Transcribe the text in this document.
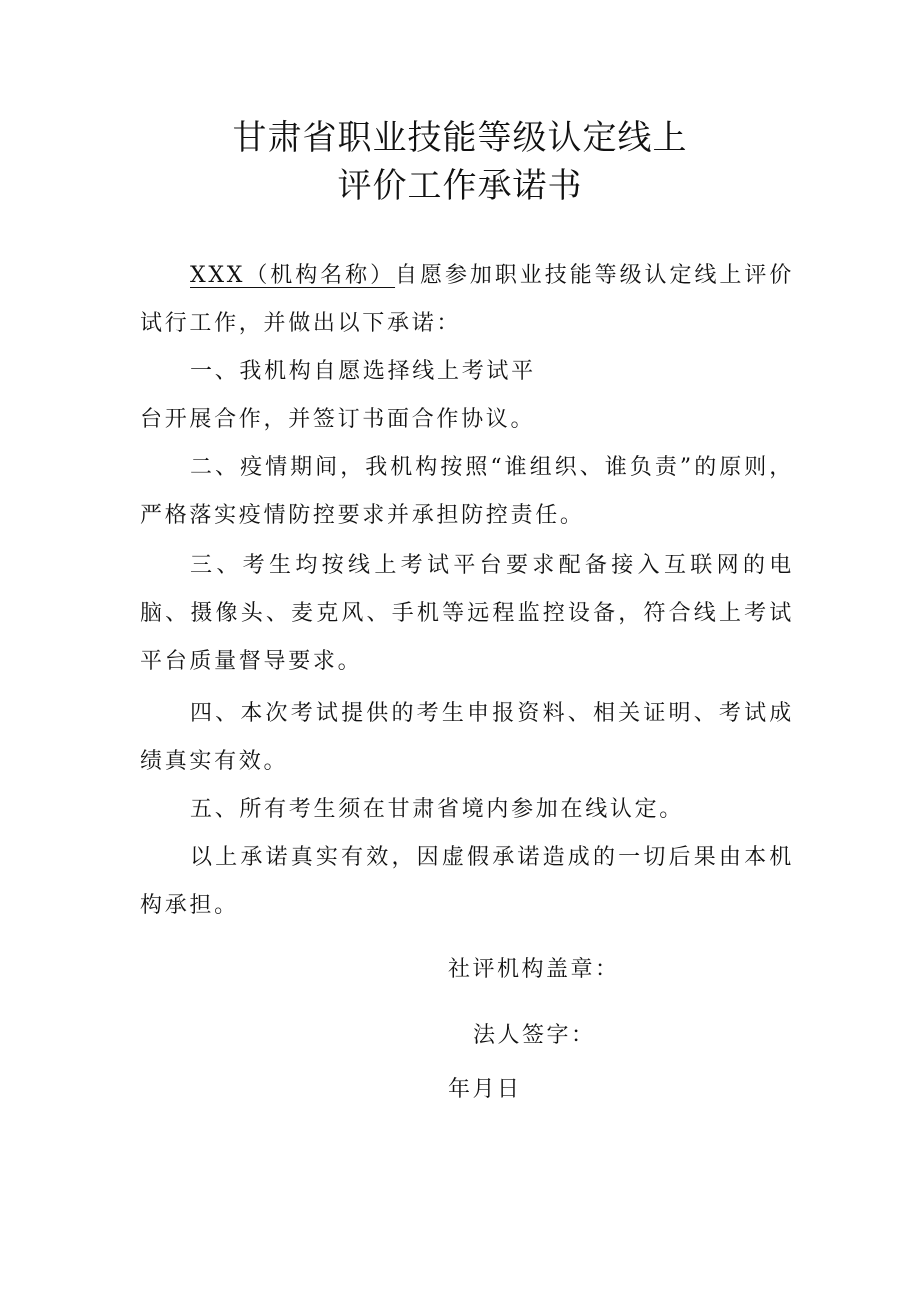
甘肃省职业技能等级认定线上
评价工作承诺书

XXX（机构名称）自愿参加职业技能等级认定线上评价试行工作，并做出以下承诺：

一、我机构自愿选择线上考试平

台开展合作，并签订书面合作协议。

二、疫情期间，我机构按照“谁组织、谁负责”的原则，严格落实疫情防控要求并承担防控责任。

三、考生均按线上考试平台要求配备接入互联网的电脑、摄像头、麦克风、手机等远程监控设备，符合线上考试平台质量督导要求。

四、本次考试提供的考生申报资料、相关证明、考试成绩真实有效。

五、所有考生须在甘肃省境内参加在线认定。

以上承诺真实有效，因虚假承诺造成的一切后果由本机构承担。

社评机构盖章：
法人签字：
年月日
